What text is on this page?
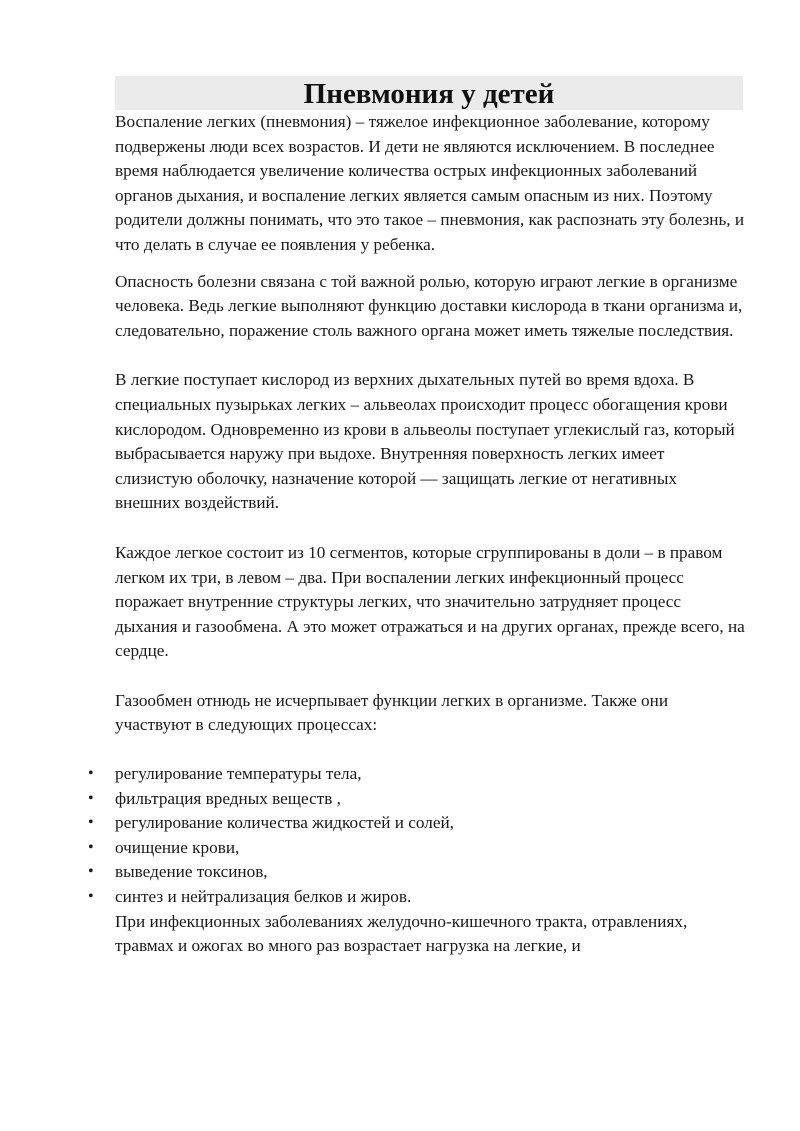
Пневмония у детей

Воспаление легких (пневмония) – тяжелое инфекционное заболевание, которому подвержены люди всех возрастов. И дети не являются исключением. В последнее время наблюдается увеличение количества острых инфекционных заболеваний органов дыхания, и воспаление легких является самым опасным из них. Поэтому родители должны понимать, что это такое – пневмония, как распознать эту болезнь, и что делать в случае ее появления у ребенка.

Опасность болезни связана с той важной ролью, которую играют легкие в организме человека. Ведь легкие выполняют функцию доставки кислорода в ткани организма и, следовательно, поражение столь важного органа может иметь тяжелые последствия.

В легкие поступает кислород из верхних дыхательных путей во время вдоха. В специальных пузырьках легких – альвеолах происходит процесс обогащения крови кислородом. Одновременно из крови в альвеолы поступает углекислый газ, который выбрасывается наружу при выдохе. Внутренняя поверхность легких имеет слизистую оболочку, назначение которой — защищать легкие от негативных внешних воздействий.

Каждое легкое состоит из 10 сегментов, которые сгруппированы в доли – в правом легком их три, в левом – два. При воспалении легких инфекционный процесс поражает внутренние структуры легких, что значительно затрудняет процесс дыхания и газообмена. А это может отражаться и на других органах, прежде всего, на сердце.

Газообмен отнюдь не исчерпывает функции легких в организме. Также они участвуют в следующих процессах:

• регулирование температуры тела,
• фильтрация вредных веществ ,
• регулирование количества жидкостей и солей,
• очищение крови,
• выведение токсинов,
• синтез и нейтрализация белков и жиров.

При инфекционных заболеваниях желудочно-кишечного тракта, отравлениях, травмах и ожогах во много раз возрастает нагрузка на легкие, и
